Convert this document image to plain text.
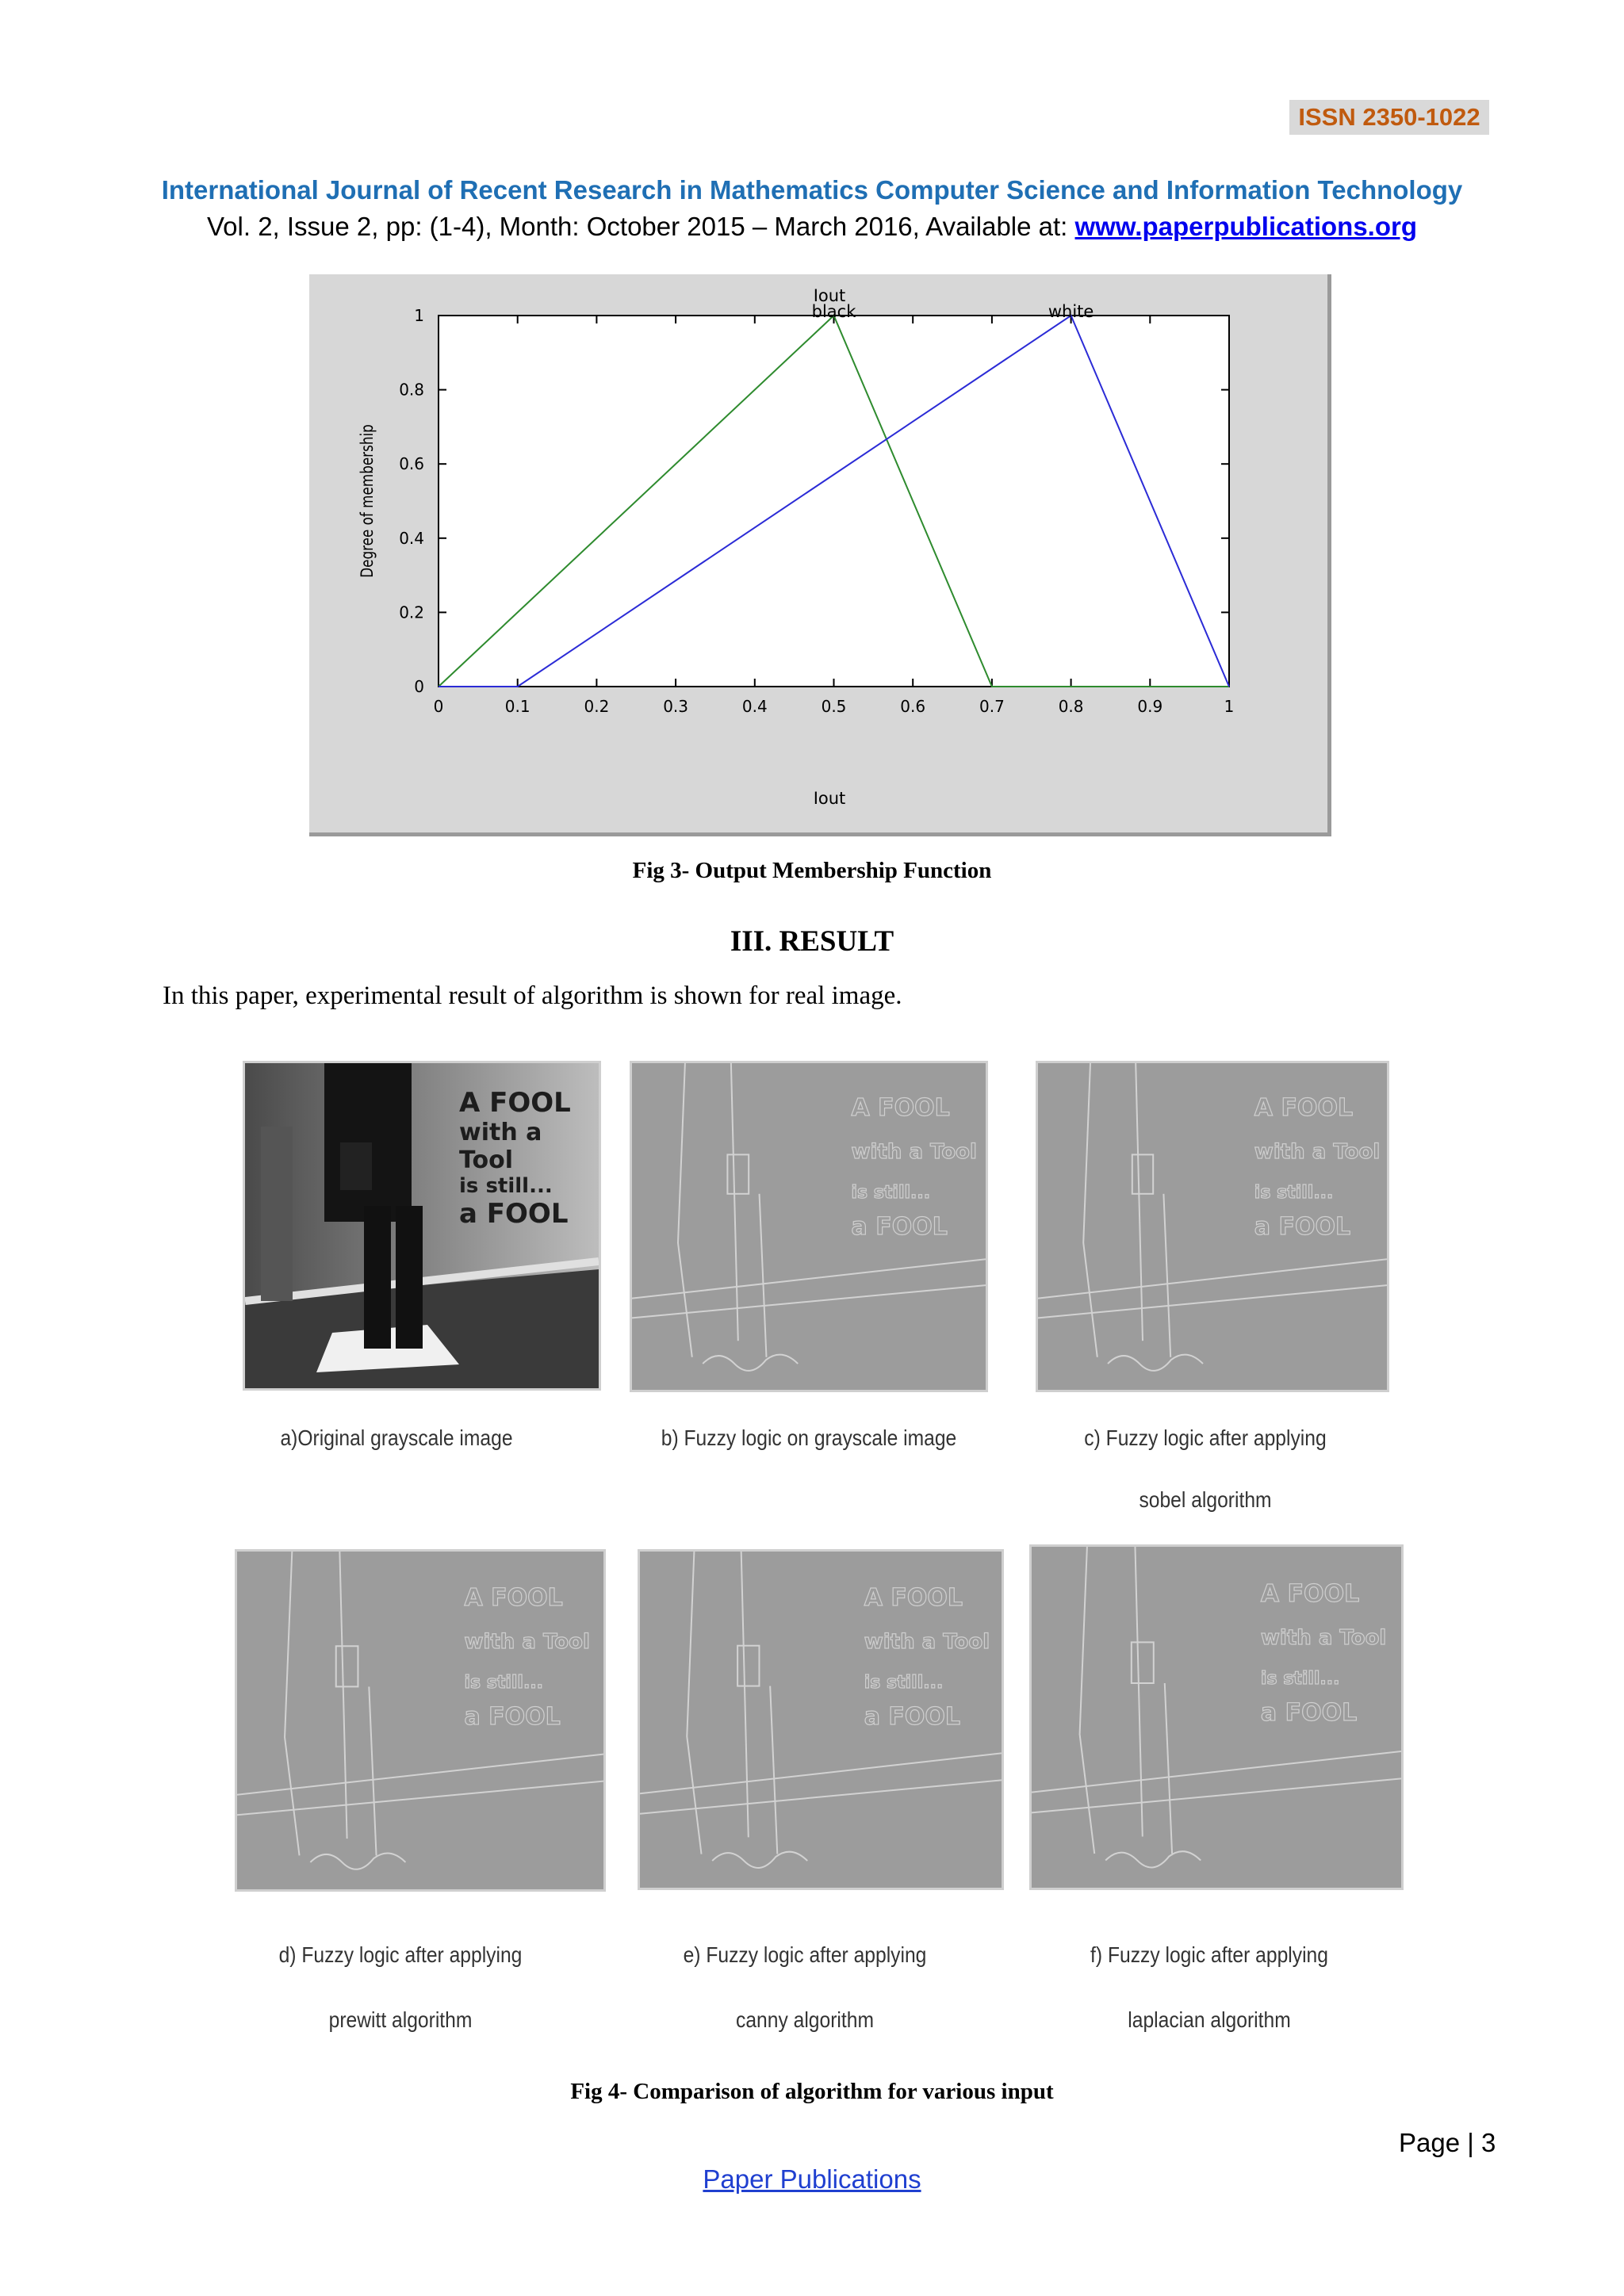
ISSN 2350-1022
International Journal of Recent Research in Mathematics Computer Science and Information Technology
Vol. 2, Issue 2, pp: (1-4), Month: October 2015 – March 2016, Available at: www.paperpublications.org
Iout
Iout
Degree of membership
0	0.1	0.2	0.3	0.4	0.5	0.6	0.7	0.8	0.9	1
0
0.2
0.4
0.6
0.8
1	black	white
Fig 3- Output Membership Function
III. RESULT
In this paper, experimental result of algorithm is shown for real image.
A FOOL
with a Tool
is still...
a FOOL
A FOOL
with a Tool
is still...
a FOOL
A FOOL
with a Tool
is still...
a FOOL
A FOOL
with a Tool
is still...
a FOOL
A FOOL
with a Tool
is still...
a FOOL
A FOOL
with a Tool
is still...
a FOOL
a)Original grayscale image	b) Fuzzy logic on grayscale image	c) Fuzzy logic after applying
sobel algorithm
d) Fuzzy logic after applying
prewitt algorithm
e) Fuzzy logic after applying
canny algorithm
f) Fuzzy logic after applying
laplacian algorithm
Fig 4- Comparison of algorithm for various input
Page | 3
Paper Publications
